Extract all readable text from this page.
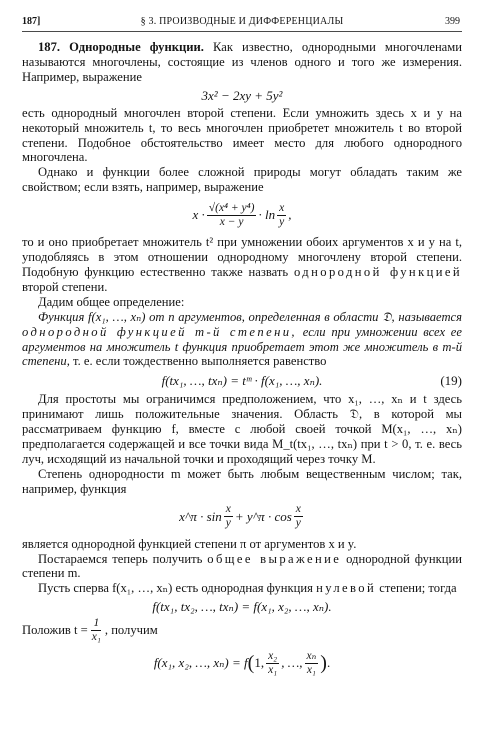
187]	§ 3. ПРОИЗВОДНЫЕ И ДИФФЕРЕНЦИАЛЫ	399

187. Однородные функции. Как известно, однородными многочленами называются многочлены, состоящие из членов одного и того же измерения. Например, выражение

3x² − 2xy + 5y²

есть однородный многочлен второй степени. Если умножить здесь x и y на некоторый множитель t, то весь многочлен приобретет множитель t во второй степени. Подобное обстоятельство имеет место для любого однородного многочлена.

Однако и функции более сложной природы могут обладать таким же свойством; если взять, например, выражение

$x \cdot \frac{\text{√(x⁴ + y⁴)}}{x - y} \cdot \ln \frac{x}{y}$ ,

то и оно приобретает множитель t² при умножении обоих аргументов x и y на t, уподобляясь в этом отношении однородному многочлену второй степени. Подобную функцию естественно также назвать однородной функцией второй степени.

Дадим общее определение:

Функция f(x₁, …, xₙ) от n аргументов, определенная в области 𝔇, называется однородной функцией m-й степени, если при умножении всех ее аргументов на множитель t функция приобретает этот же множитель в m-й степени, т. е. если тождественно выполняется равенство

f(tx₁, …, txₙ) = tᵐ · f(x₁, …, xₙ).	(19)

Для простоты мы ограничимся предположением, что x₁, …, xₙ и t здесь принимают лишь положительные значения. Область 𝔇, в которой мы рассматриваем функцию f, вместе с любой своей точкой M(x₁, …, xₙ) предполагается содержащей и все точки вида M_t(tx₁, …, txₙ) при t > 0, т. е. весь луч, исходящий из начальной точки и проходящий через точку M.

Степень однородности m может быть любым вещественным числом; так, например, функция

x^π · $\sin \frac{x}{y}$ + y^π · $\cos \frac{x}{y}$

является однородной функцией степени π от аргументов x и y.

Постараемся теперь получить общее выражение однородной функции степени m.

Пусть сперва f(x₁, …, xₙ) есть однородная функция нулевой степени; тогда

f(tx₁, tx₂, …, txₙ) = f(x₁, x₂, …, xₙ).
Положив $t = \frac{1}{\text{x₁}}$ , получим
f(x₁, x₂, …, xₙ) = f ( 1, $\frac{\text{x₂}}{\text{x₁}}$ , …, $\frac{\text{xₙ}}{\text{x₁}}$ ) .
